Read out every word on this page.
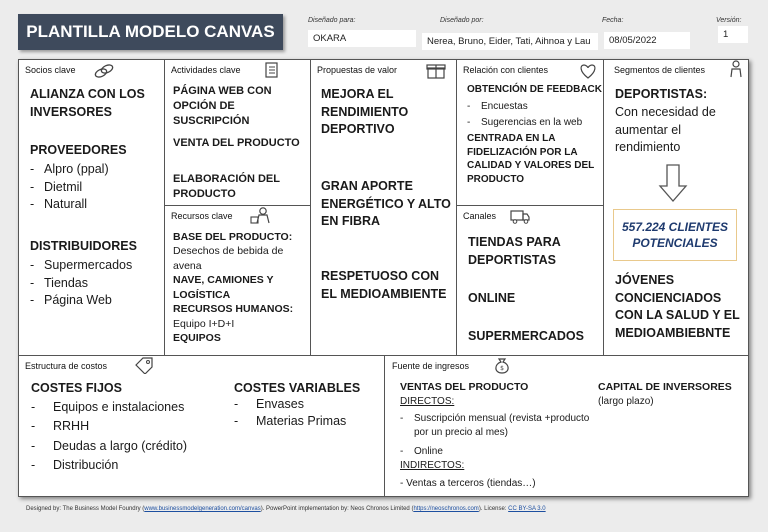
PLANTILLA MODELO CANVAS
Diseñado para:
OKARA
Diseñado por:
Nerea, Bruno, Eider, Tati, Aihnoa y Lau
Fecha:
08/05/2022
Versión:
1
Socios clave
ALIANZA CON LOS INVERSORES
PROVEEDORES
- Alpro (ppal)
- Dietmil
- Naturall
DISTRIBUIDORES
- Supermercados
- Tiendas
- Página Web
Actividades clave
PÁGINA WEB CON OPCIÓN DE SUSCRIPCIÓN
VENTA DEL PRODUCTO
ELABORACIÓN DEL PRODUCTO
Recursos clave
BASE DEL PRODUCTO:
Desechos de bebida de avena
NAVE, CAMIONES Y LOGÍSTICA
RECURSOS HUMANOS:
Equipo I+D+I
EQUIPOS
Propuestas de valor
MEJORA EL RENDIMIENTO DEPORTIVO
GRAN APORTE ENERGÉTICO Y ALTO EN FIBRA
RESPETUOSO CON EL MEDIOAMBIENTE
Relación con clientes
OBTENCIÓN DE FEEDBACK
-	Encuestas
-	Sugerencias en la web
CENTRADA EN LA FIDELIZACIÓN POR LA CALIDAD Y VALORES DEL PRODUCTO
Canales
TIENDAS PARA DEPORTISTAS
ONLINE
SUPERMERCADOS
Segmentos de clientes
DEPORTISTAS:
Con necesidad de aumentar el rendimiento
557.224 CLIENTES POTENCIALES
JÓVENES CONCIENCIADOS CON LA SALUD Y EL MEDIOAMBIEBNTE
Estructura de costos
COSTES FIJOS
-	Equipos e instalaciones
-	RRHH
-	Deudas a largo (crédito)
-	Distribución
COSTES VARIABLES
-	Envases
-	Materias Primas
Fuente de ingresos	$
VENTAS DEL PRODUCTO
DIRECTOS:
-	Suscripción mensual (revista +producto por un precio al mes)
-	Online
INDIRECTOS:
- Ventas a terceros (tiendas…)
CAPITAL DE INVERSORES
(largo plazo)
Designed by: The Business Model Foundry (www.businessmodelgeneration.com/canvas). PowerPoint implementation by: Neos Chronos Limited (https://neoschronos.com). License: CC BY-SA 3.0
